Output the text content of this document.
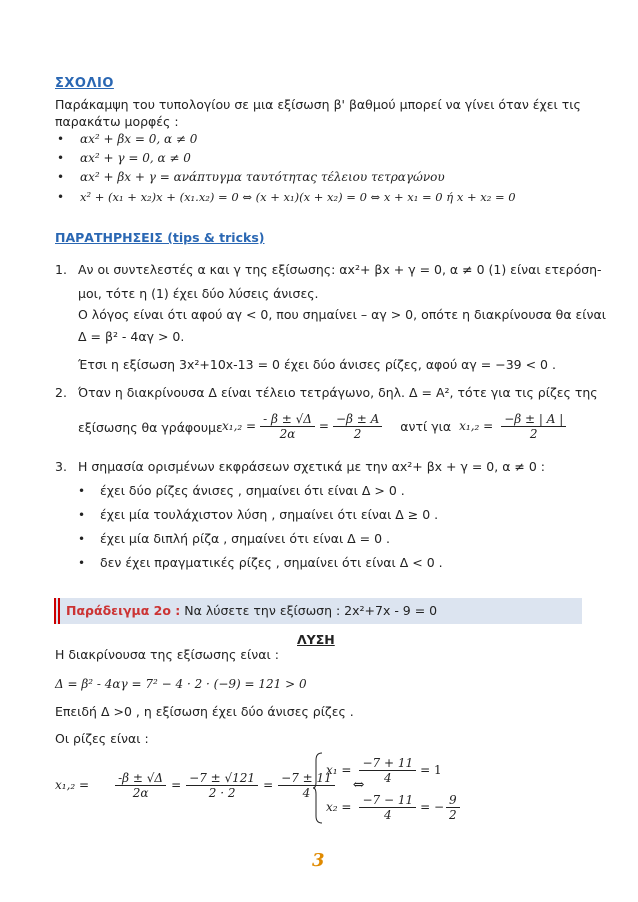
ΣΧΟΛΙΟ
Παράκαμψη του τυπολογίου σε μια εξίσωση β' βαθμού μπορεί να γίνει όταν έχει τις
παρακάτω μορφές :
• αx² + βx = 0, α ≠ 0
• αx² + γ = 0, α ≠ 0
• αx² + βx + γ = ανάπτυγμα ταυτότητας τέλειου τετραγώνου
• x² + (x₁ + x₂)x + (x₁.x₂) = 0 ⇔ (x + x₁)(x + x₂) = 0 ⇔ x + x₁ = 0 ή x + x₂ = 0
ΠΑΡΑΤΗΡΗΣΕΙΣ (tips & tricks)
1. Αν οι συντελεστές α και γ της εξίσωσης: αx²+ βx + γ = 0, α ≠ 0 (1) είναι ετερόση-
μοι, τότε η (1) έχει δύο λύσεις άνισες.
Ο λόγος είναι ότι αφού αγ < 0, που σημαίνει – αγ > 0, οπότε η διακρίνουσα θα είναι
Δ = β² - 4αγ > 0.
Έτσι η εξίσωση 3x²+10x-13 = 0 έχει δύο άνισες ρίζες, αφού αγ = −39 < 0 .
2. Όταν η διακρίνουσα Δ είναι τέλειο τετράγωνο, δηλ. Δ = A², τότε για τις ρίζες της
εξίσωσης θα γράφουμε $x_1,_2 = \frac{- \beta \pm √\Delta}{2\alpha} = \frac{-\beta \pm A}{2}$ αντί για $x_1,_2 = \frac{-\beta \pm | A |}{2}$
3. Η σημασία ορισμένων εκφράσεων σχετικά με την αx²+ βx + γ = 0, α ≠ 0 :
• έχει δύο ρίζες άνισες , σημαίνει ότι είναι Δ > 0 .
• έχει μία τουλάχιστον λύση , σημαίνει ότι είναι Δ ≥ 0 .
• έχει μία διπλή ρίζα , σημαίνει ότι είναι Δ = 0 .
• δεν έχει πραγματικές ρίζες , σημαίνει ότι είναι Δ < 0 .
Παράδειγμα 2ο : Να λύσετε την εξίσωση : 2x²+7x - 9 = 0
ΛΥΣΗ
Η διακρίνουσα της εξίσωσης είναι :
Δ = β² - 4αγ = 7² − 4 · 2 · (−9) = 121 > 0
Επειδή Δ >0 , η εξίσωση έχει δύο άνισες ρίζες .
Οι ρίζες είναι :
$x_1,_2 = \frac{-\beta \pm √\Delta}{2\alpha} = \frac{-7 \pm √121}{2 \cdot 2} = \frac{-7 \pm 11}{4}$ ⇔
$x_1 = \frac{-7 + 11}{4} = 1$
$x_2 = \frac{-7 - 11}{4}$ = − $\frac{9}{2}$
3
